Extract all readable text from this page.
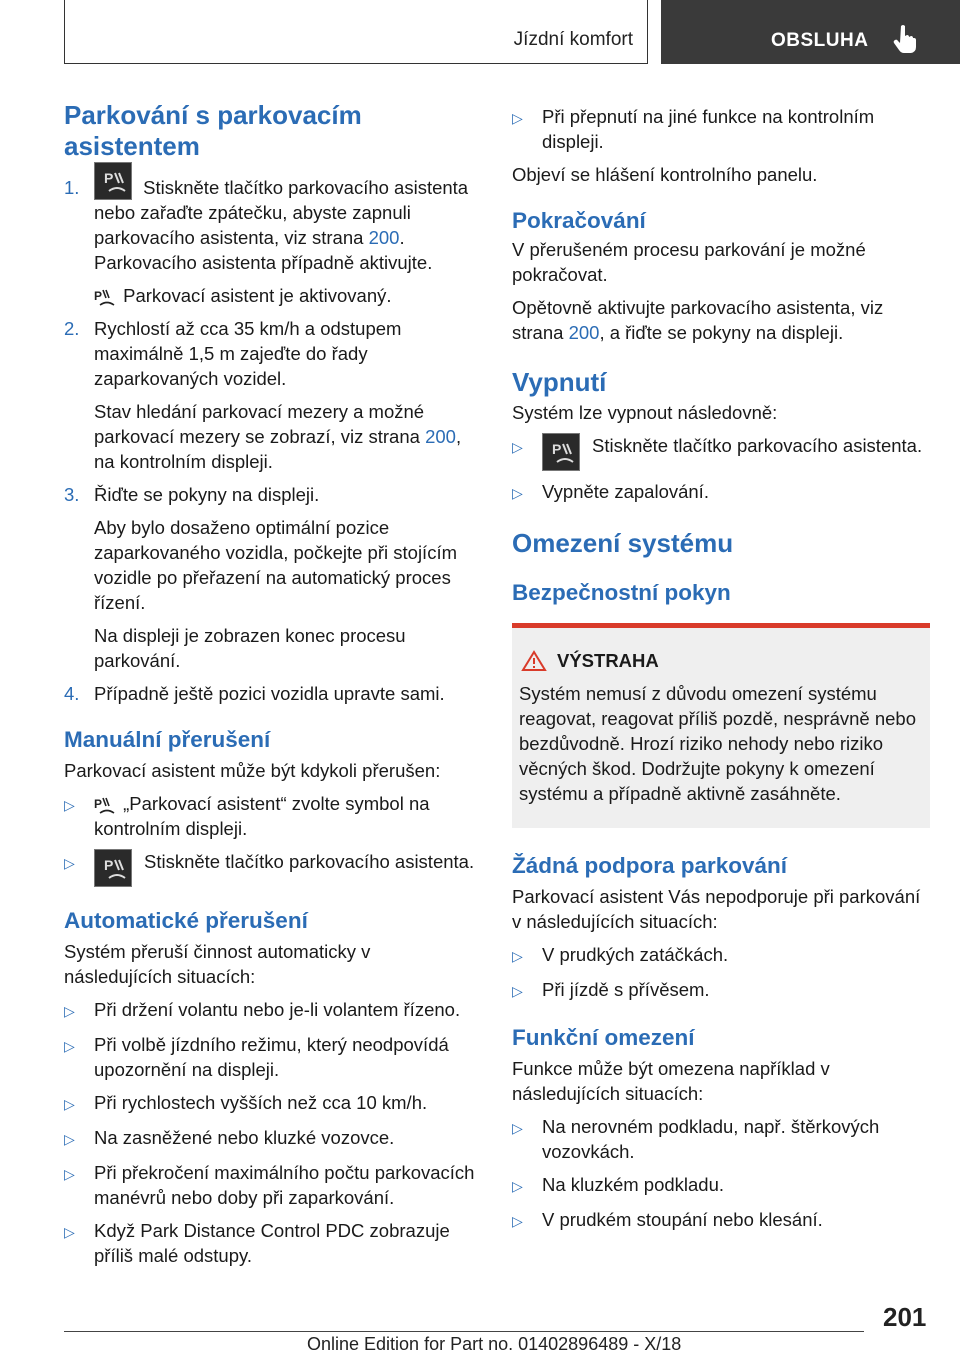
Jízdní komfort	OBSLUHA
Parkování s parkovacím asistentem
1.	P Stiskněte tlačítko parkovacího asistenta nebo zařaďte zpátečku, abyste zapnuli parkovacího asistenta, viz strana 200. Parkovacího asistenta případně aktivujte.
P Parkovací asistent je aktivovaný.
2. Rychlostí až cca 35 km/h a odstupem maximálně 1,5 m zajeďte do řady zaparkovaných vozidel.
Stav hledání parkovací mezery a možné parkovací mezery se zobrazí, viz strana 200, na kontrolním displeji.
3. Řiďte se pokyny na displeji.
Aby bylo dosaženo optimální pozice zaparkovaného vozidla, počkejte při stojícím vozidle po přeřazení na automatický proces řízení.
Na displeji je zobrazen konec procesu parkování.
4. Případně ještě pozici vozidla upravte sami.
Manuální přerušení

Parkovací asistent může být kdykoli přerušen:

▷	P „Parkovací asistent“ zvolte symbol na kontrolním displeji.
▷	P Stiskněte tlačítko parkovacího asistenta.
Automatické přerušení

Systém přeruší činnost automaticky v následujících situacích:

▷	Při držení volantu nebo je-li volantem řízeno.
▷	Při volbě jízdního režimu, který neodpovídá upozornění na displeji.
▷	Při rychlostech vyšších než cca 10 km/h.
▷	Na zasněžené nebo kluzké vozovce.
▷	Při překročení maximálního počtu parkovacích manévrů nebo doby při zaparkování.
▷	Když Park Distance Control PDC zobrazuje příliš malé odstupy.
▷	Při přepnutí na jiné funkce na kontrolním displeji.

Objeví se hlášení kontrolního panelu.

Pokračování

V přerušeném procesu parkování je možné pokračovat.

Opětovně aktivujte parkovacího asistenta, viz strana 200, a řiďte se pokyny na displeji.

Vypnutí

Systém lze vypnout následovně:

▷	P Stiskněte tlačítko parkovacího asistenta.
▷	Vypněte zapalování.
Omezení systému
Bezpečnostní pokyn
VÝSTRAHA

Systém nemusí z důvodu omezení systému reagovat, reagovat příliš pozdě, nesprávně nebo bezdůvodně. Hrozí riziko nehody nebo riziko věcných škod. Dodržujte pokyny k omezení systému a případně aktivně zasáhněte.

Žádná podpora parkování

Parkovací asistent Vás nepodporuje při parkování v následujících situacích:

▷	V prudkých zatáčkách.
▷	Při jízdě s přívěsem.
Funkční omezení

Funkce může být omezena například v následujících situacích:

▷	Na nerovném podkladu, např. štěrkových vozovkách.
▷	Na kluzkém podkladu.
▷	V prudkém stoupání nebo klesání.
201
Online Edition for Part no. 01402896489 - X/18
